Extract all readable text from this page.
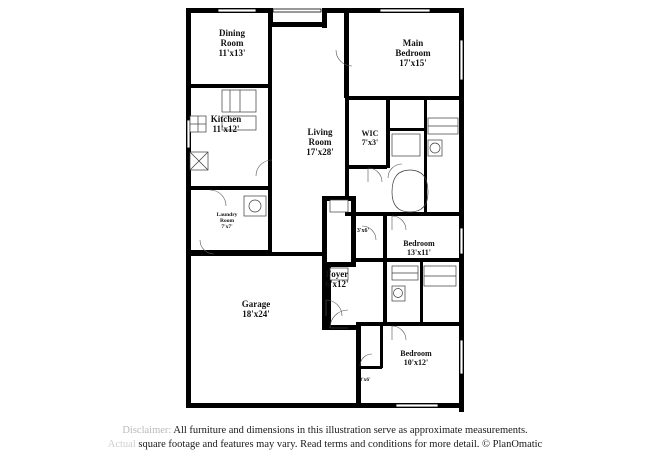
Dining
Room
11'x13'
Kitchen
11'x12'
Laundry
Room
7'x7'
Garage
18'x24'
Living
Room
17'x28'
Foyer
6'x12'
Main
Bedroom
17'x15'
WIC
7'x3'
3'x6'
Bedroom
13'x11'
Bedroom
10'x12'
3'x6'
Disclaimer: All furniture and dimensions in this illustration serve as approximate measurements.
Actual square footage and features may vary. Read terms and conditions for more detail. © PlanOmatic
